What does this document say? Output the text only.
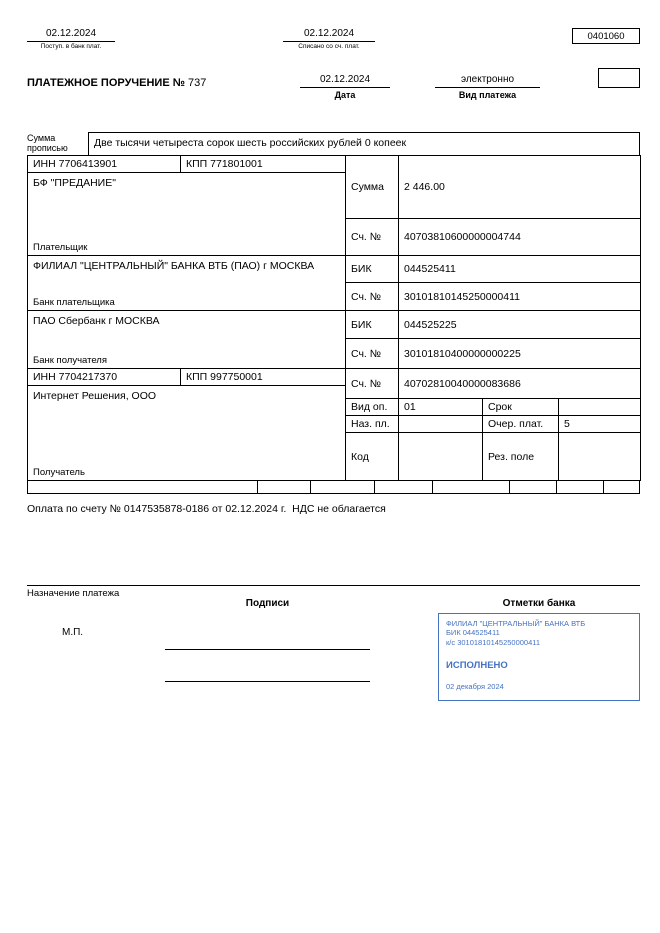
02.12.2024
Поступ. в банк плат.
02.12.2024
Списано со сч. плат.
0401060
ПЛАТЕЖНОЕ ПОРУЧЕНИЕ № 737	02.12.2024
Дата
электронно
Вид платежа
Сумма прописью	Две тысячи четыреста сорок шесть российских рублей 0 копеек
ИНН 7706413901	КПП 771801001	Сумма	2 446.00		

БФ "ПРЕДАНИЕ"
Плательщик					

		Сч. №	40703810600000004744		

ФИЛИАЛ "ЦЕНТРАЛЬНЫЙ" БАНКА ВТБ (ПАО) г МОСКВА
Банк плательщика		БИК	044525411		
		Сч. №	30101810145250000411		

ПАО Сбербанк г МОСКВА
Банк получателя		БИК	044525225		
		Сч. №	30101810400000000225		
ИНН 7704217370	КПП 997750001	Сч. №	40702810040000083686		

Интернет Решения, ООО
Получатель					

		Вид оп.	01	Срок	
		Наз. пл.		Очер. плат.	5
		Код		Рез. поле	
Оплата по счету № 0147535878-0186 от 02.12.2024 г.  НДС не облагается
Назначение платежа
Подписи	Отметки банка
М.П.
ФИЛИАЛ "ЦЕНТРАЛЬНЫЙ" БАНКА ВТБ
БИК 044525411
к/с 30101810145250000411
ИСПОЛНЕНО
02 декабря 2024
